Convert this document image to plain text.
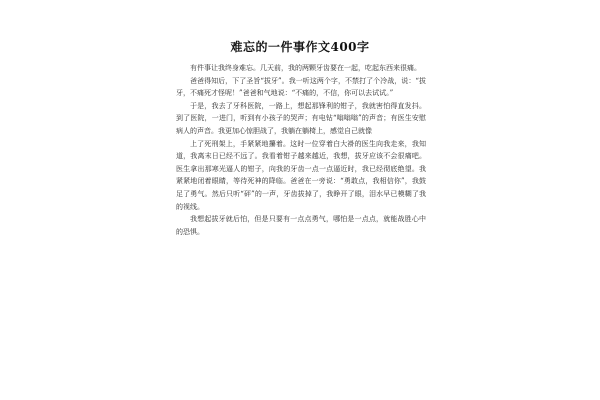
难忘的一件事作文400字

有件事让我终身难忘。几天前，我的两颗牙齿要在一起，吃起东西来很痛。

爸爸得知后，下了圣旨“拔牙”。我一听这两个字，不禁打了个冷战，说：“拔牙，不痛死才怪呢！”爸爸和气地说：“不痛的，不信，你可以去试试。”

于是，我去了牙科医院，一路上，想起那锋利的钳子，我就害怕得直发抖。到了医院，一进门，听到有小孩子的哭声；有电钻“嗡嗡嗡”的声音；有医生安慰病人的声音。我更加心惊胆战了，我躺在躺椅上，感觉自己就像

上了死刑架上，手紧紧地攥着。这时一位穿着白大褂的医生向我走来，我知道，我离末日已经不远了。我看着钳子越来越近，我想，拔牙应该不会很痛吧。医生拿出那寒光逼人的钳子，向我的牙齿一点一点逼近时，我已经彻底绝望。我紧紧地闭着眼睛，等待死神的降临。爸爸在一旁说：“勇敢点，我相信你”，我鼓足了勇气。然后只听“砰”的一声，牙齿拔掉了，我睁开了眼，泪水早已模糊了我的视线。

我想起拔牙就后怕，但是只要有一点点勇气，哪怕是一点点，就能战胜心中的恐惧。
